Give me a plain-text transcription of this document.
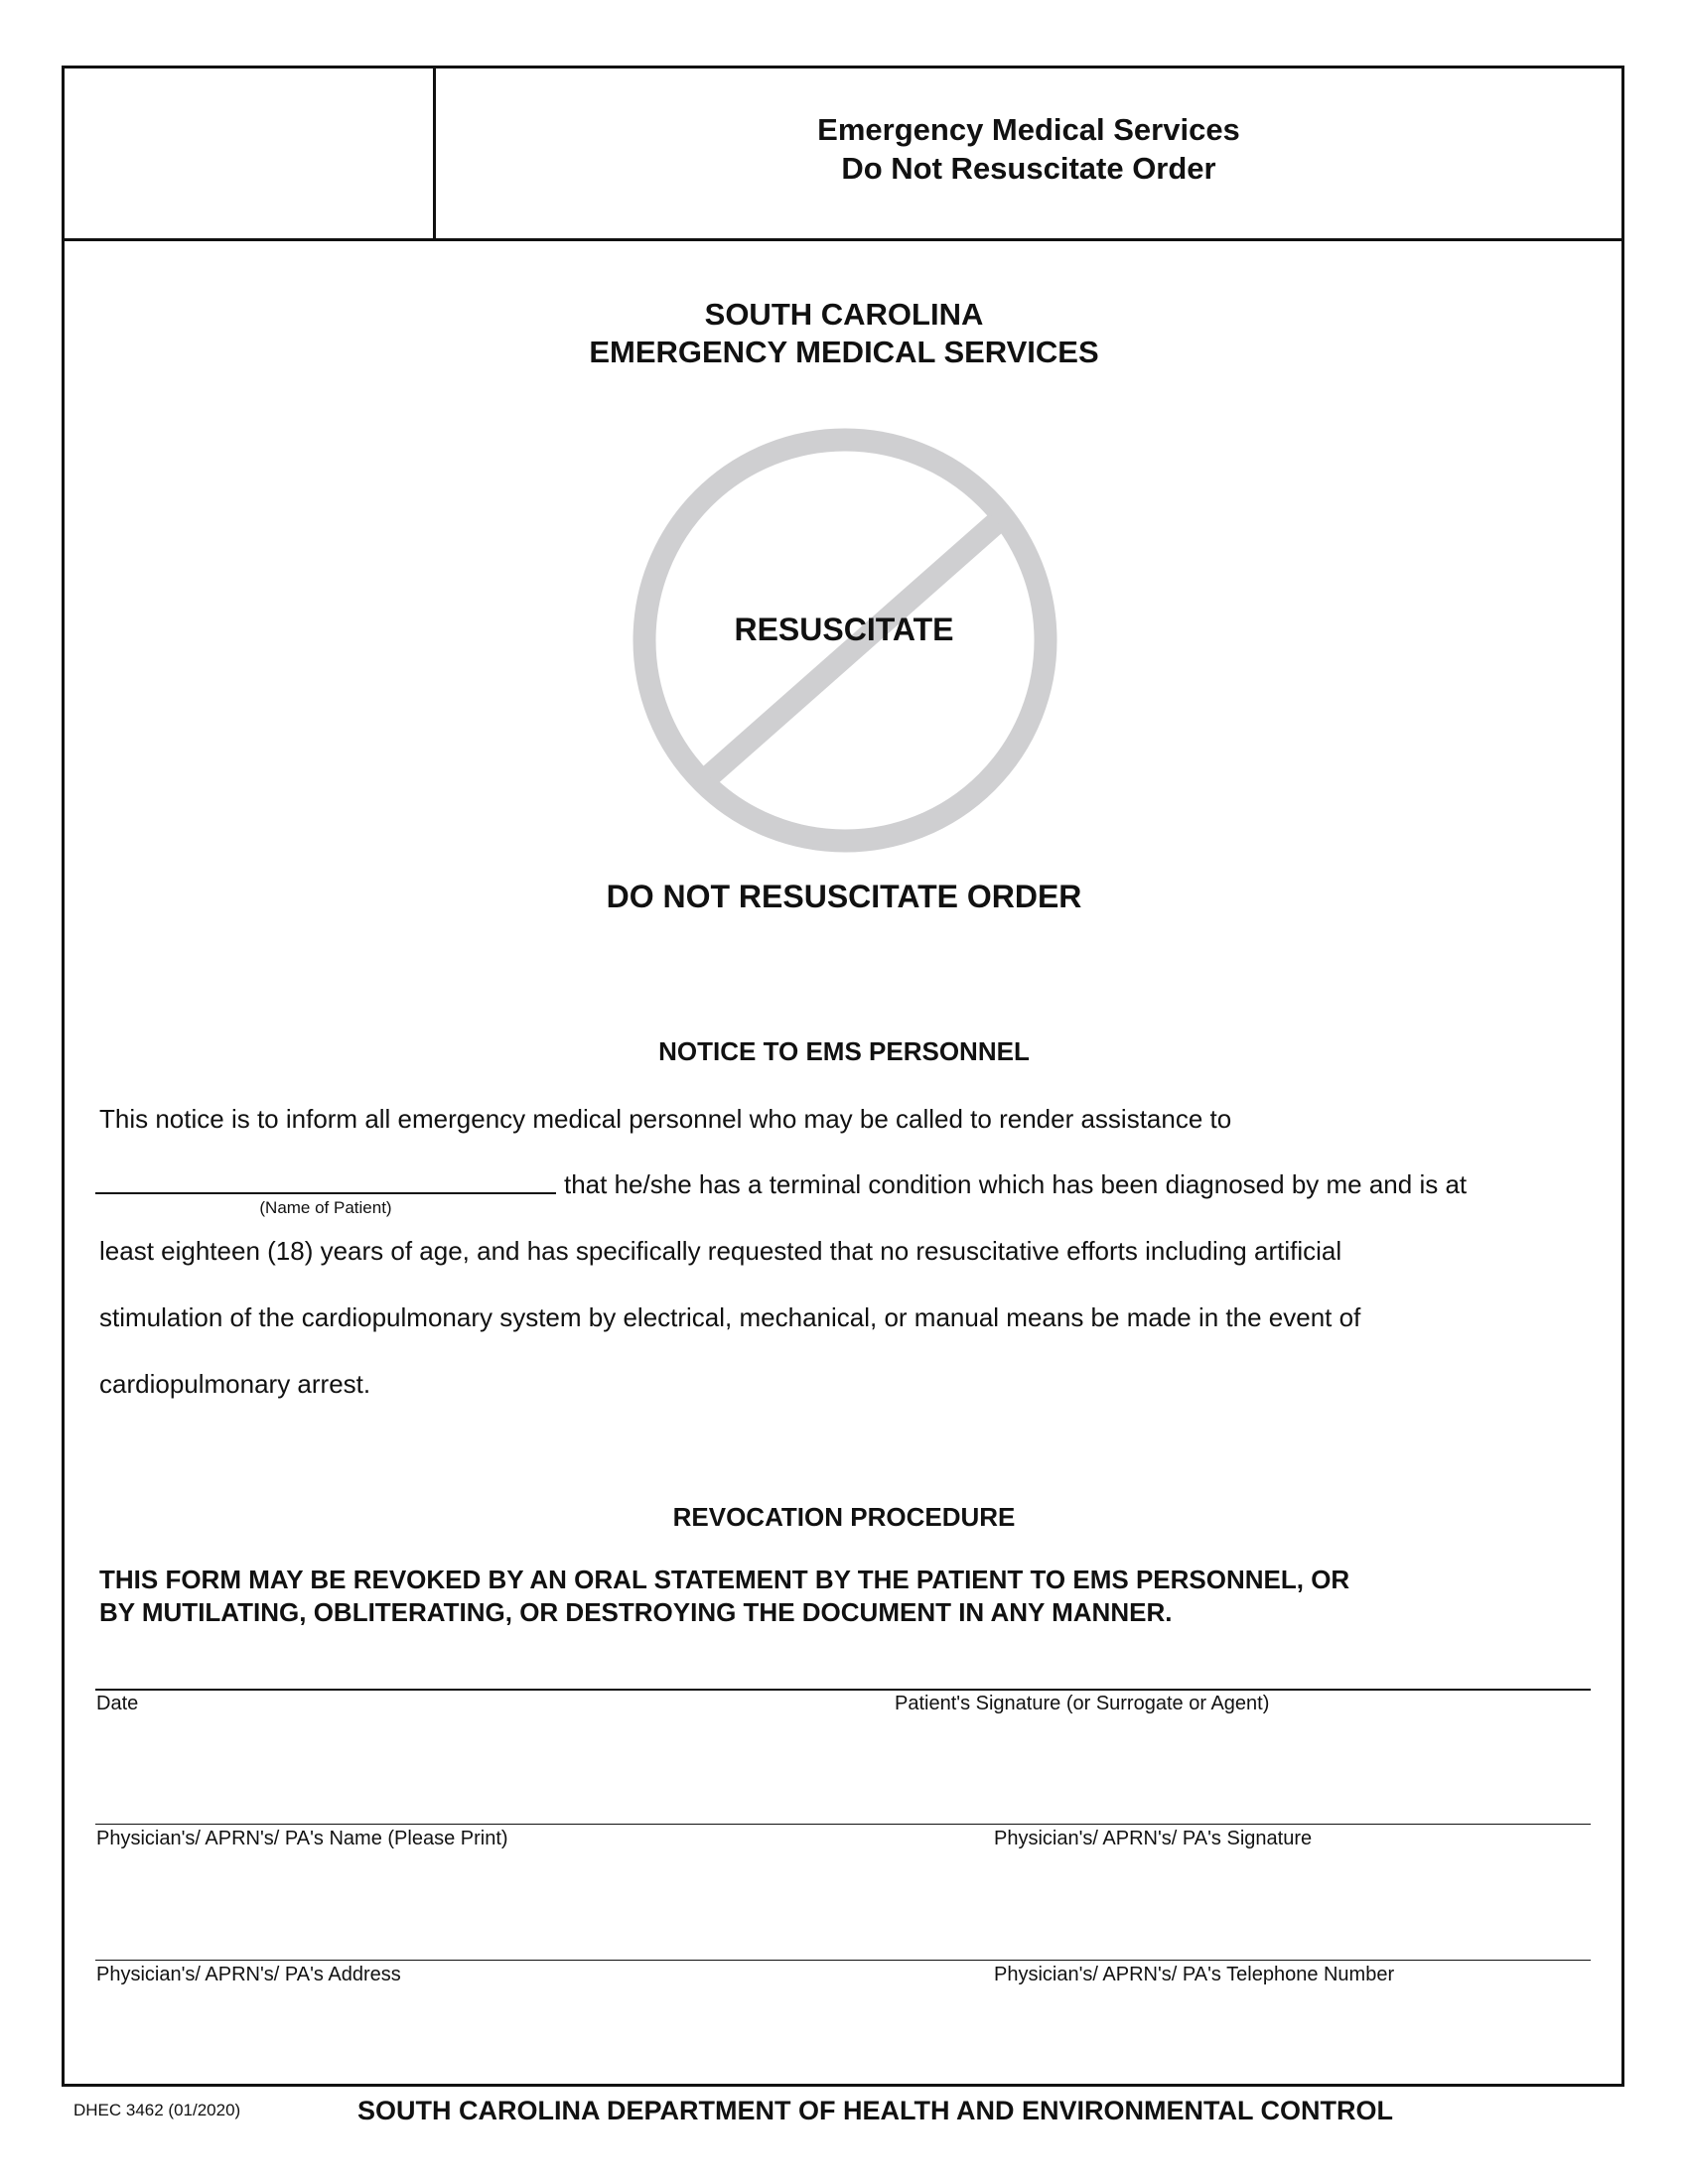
Emergency Medical Services
Do Not Resuscitate Order
SOUTH CAROLINA
EMERGENCY MEDICAL SERVICES
RESUSCITATE
DO NOT RESUSCITATE ORDER
NOTICE TO EMS PERSONNEL
This notice is to inform all emergency medical personnel who may be called to render assistance to
(Name of Patient)
that he/she has a terminal condition which has been diagnosed by me and is at
least eighteen (18) years of age, and has specifically requested that no resuscitative efforts including artificial
stimulation of the cardiopulmonary system by electrical, mechanical, or manual means be made in the event of
cardiopulmonary arrest.
REVOCATION PROCEDURE
THIS FORM MAY BE REVOKED BY AN ORAL STATEMENT BY THE PATIENT TO EMS PERSONNEL, OR
BY MUTILATING, OBLITERATING, OR DESTROYING THE DOCUMENT IN ANY MANNER.
Date	Patient's Signature (or Surrogate or Agent)
Physician's/ APRN's/ PA's Name (Please Print)	Physician's/ APRN's/ PA's Signature
Physician's/ APRN's/ PA's Address	Physician's/ APRN's/ PA's Telephone Number
DHEC 3462 (01/2020)	SOUTH CAROLINA DEPARTMENT OF HEALTH AND ENVIRONMENTAL CONTROL
